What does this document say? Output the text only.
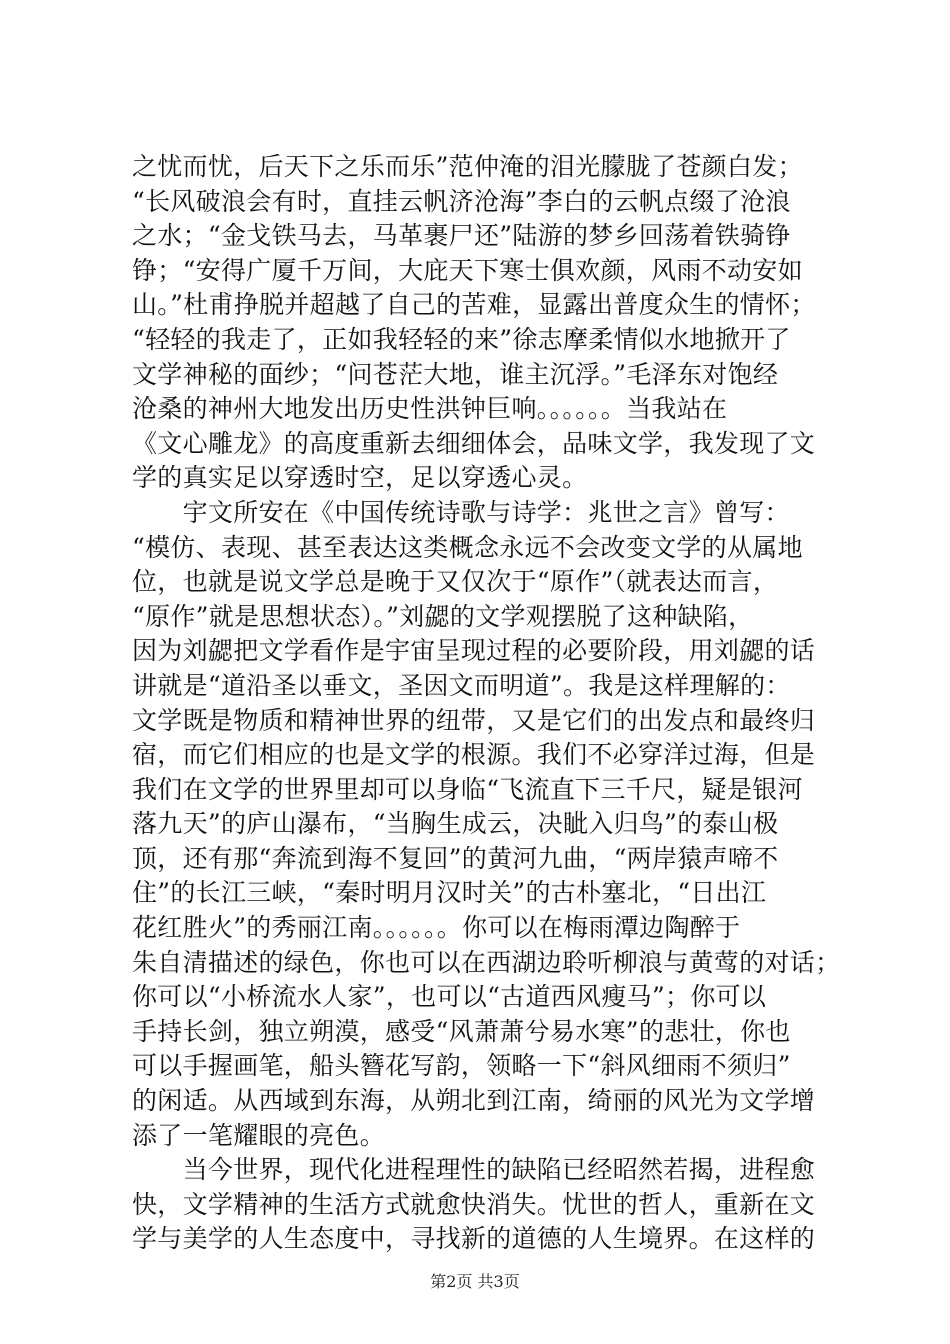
之忧而忧，后天下之乐而乐”范仲淹的泪光朦胧了苍颜白发；
“长风破浪会有时，直挂云帆济沧海”李白的云帆点缀了沧浪
之水；“金戈铁马去，马革裹尸还”陆游的梦乡回荡着铁骑铮
铮；“安得广厦千万间，大庇天下寒士俱欢颜，风雨不动安如
山。”杜甫挣脱并超越了自己的苦难，显露出普度众生的情怀；
“轻轻的我走了，正如我轻轻的来”徐志摩柔情似水地掀开了
文学神秘的面纱；“问苍茫大地，谁主沉浮。”毛泽东对饱经
沧桑的神州大地发出历史性洪钟巨响。。。。。。当我站在
《文心雕龙》的高度重新去细细体会，品味文学，我发现了文
学的真实足以穿透时空，足以穿透心灵。
　　宇文所安在《中国传统诗歌与诗学：兆世之言》曾写：
“模仿、表现、甚至表达这类概念永远不会改变文学的从属地
位，也就是说文学总是晚于又仅次于“原作”（就表达而言，
“原作”就是思想状态）。”刘勰的文学观摆脱了这种缺陷，
因为刘勰把文学看作是宇宙呈现过程的必要阶段，用刘勰的话
讲就是“道沿圣以垂文，圣因文而明道”。我是这样理解的：
文学既是物质和精神世界的纽带，又是它们的出发点和最终归
宿，而它们相应的也是文学的根源。我们不必穿洋过海，但是
我们在文学的世界里却可以身临“飞流直下三千尺，疑是银河
落九天”的庐山瀑布，“当胸生成云，决眦入归鸟”的泰山极
顶，还有那“奔流到海不复回”的黄河九曲，“两岸猿声啼不
住”的长江三峡，“秦时明月汉时关”的古朴塞北，“日出江
花红胜火”的秀丽江南。。。。。。你可以在梅雨潭边陶醉于
朱自清描述的绿色，你也可以在西湖边聆听柳浪与黄莺的对话；
你可以“小桥流水人家”，也可以“古道西风瘦马”；你可以
手持长剑，独立朔漠，感受“风萧萧兮易水寒”的悲壮，你也
可以手握画笔，船头簪花写韵，领略一下“斜风细雨不须归”
的闲适。从西域到东海，从朔北到江南，绮丽的风光为文学增
添了一笔耀眼的亮色。
　　当今世界，现代化进程理性的缺陷已经昭然若揭，进程愈
快，文学精神的生活方式就愈快消失。忧世的哲人，重新在文
学与美学的人生态度中，寻找新的道德的人生境界。在这样的
第2页 共3页
